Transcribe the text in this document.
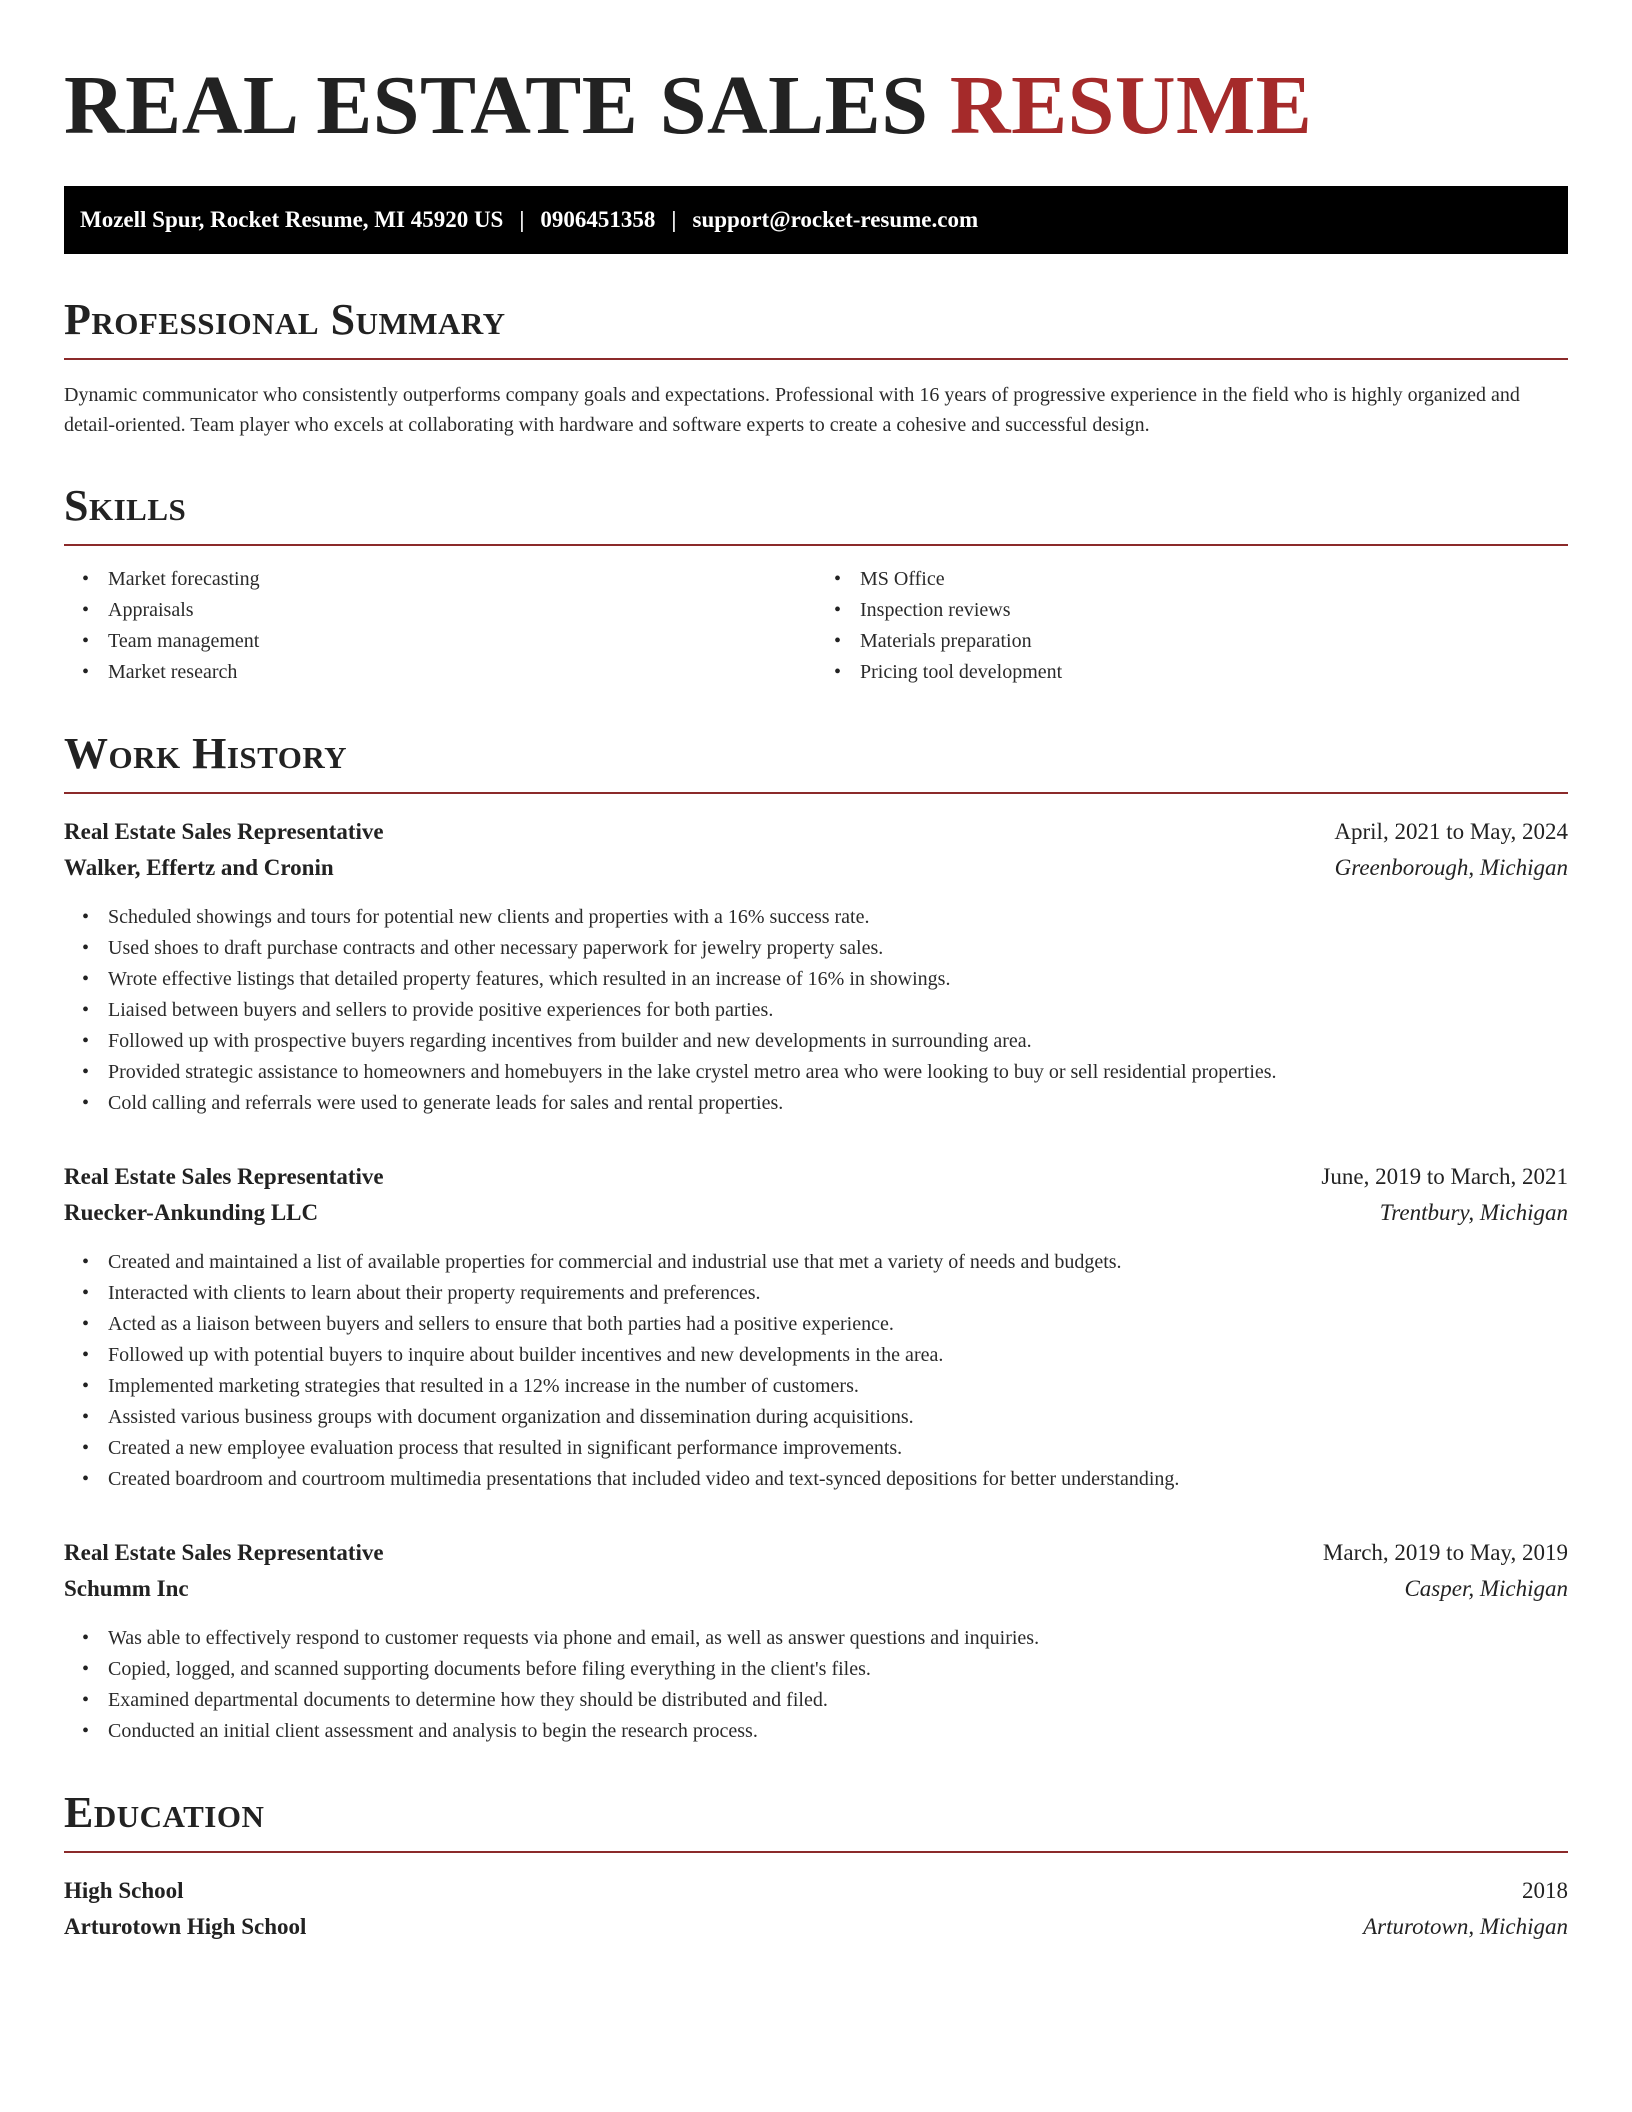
REAL ESTATE SALES RESUME
Mozell Spur, Rocket Resume, MI 45920 US | 0906451358 | support@rocket-resume.com
Professional Summary

Dynamic communicator who consistently outperforms company goals and expectations. Professional with 16 years of progressive experience in the field who is highly organized and detail-oriented. Team player who excels at collaborating with hardware and software experts to create a cohesive and successful design.

Skills
• Market forecasting
• Appraisals
• Team management
• Market research
• MS Office
• Inspection reviews
• Materials preparation
• Pricing tool development
Work History
Real Estate Sales Representative	April, 2021 to May, 2024
Walker, Effertz and Cronin	Greenborough, Michigan
• Scheduled showings and tours for potential new clients and properties with a 16% success rate.
• Used shoes to draft purchase contracts and other necessary paperwork for jewelry property sales.
• Wrote effective listings that detailed property features, which resulted in an increase of 16% in showings.
• Liaised between buyers and sellers to provide positive experiences for both parties.
• Followed up with prospective buyers regarding incentives from builder and new developments in surrounding area.
• Provided strategic assistance to homeowners and homebuyers in the lake crystel metro area who were looking to buy or sell residential properties.
• Cold calling and referrals were used to generate leads for sales and rental properties.
Real Estate Sales Representative	June, 2019 to March, 2021
Ruecker-Ankunding LLC	Trentbury, Michigan
• Created and maintained a list of available properties for commercial and industrial use that met a variety of needs and budgets.
• Interacted with clients to learn about their property requirements and preferences.
• Acted as a liaison between buyers and sellers to ensure that both parties had a positive experience.
• Followed up with potential buyers to inquire about builder incentives and new developments in the area.
• Implemented marketing strategies that resulted in a 12% increase in the number of customers.
• Assisted various business groups with document organization and dissemination during acquisitions.
• Created a new employee evaluation process that resulted in significant performance improvements.
• Created boardroom and courtroom multimedia presentations that included video and text-synced depositions for better understanding.
Real Estate Sales Representative	March, 2019 to May, 2019
Schumm Inc	Casper, Michigan
• Was able to effectively respond to customer requests via phone and email, as well as answer questions and inquiries.
• Copied, logged, and scanned supporting documents before filing everything in the client's files.
• Examined departmental documents to determine how they should be distributed and filed.
• Conducted an initial client assessment and analysis to begin the research process.
Education
High School	2018
Arturotown High School	Arturotown, Michigan
